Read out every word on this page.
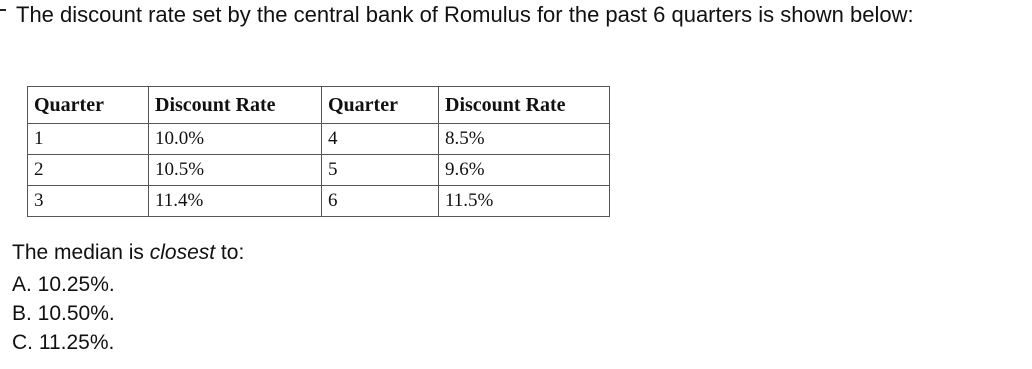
The discount rate set by the central bank of Romulus for the past 6 quarters is shown below:
Quarter	Discount Rate	Quarter	Discount Rate
1	10.0%	4	8.5%
2	10.5%	5	9.6%
3	11.4%	6	11.5%
The median is closest to:
A. 10.25%.
B. 10.50%.
C. 11.25%.
